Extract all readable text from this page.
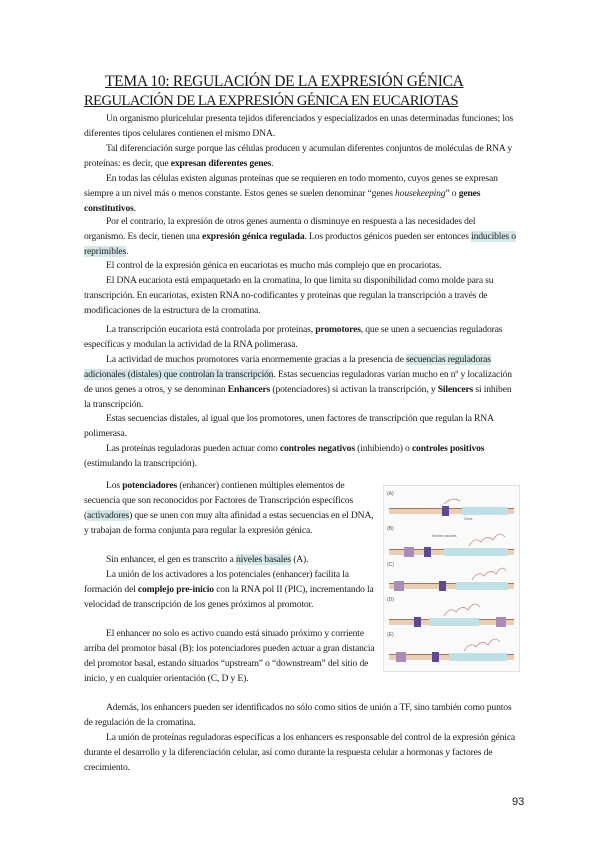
TEMA 10: REGULACIÓN DE LA EXPRESIÓN GÉNICA
REGULACIÓN DE LA EXPRESIÓN GÉNICA EN EUCARIOTAS

Un organismo pluricelular presenta tejidos diferenciados y especializados en unas determinadas funciones; los diferentes tipos celulares contienen el mismo DNA.

Tal diferenciación surge porque las células producen y acumulan diferentes conjuntos de moléculas de RNA y proteínas: es decir, que expresan diferentes genes.

En todas las células existen algunas proteínas que se requieren en todo momento, cuyos genes se expresan siempre a un nivel más o menos constante. Estos genes se suelen denominar “genes housekeeping” o genes constitutivos.

Por el contrario, la expresión de otros genes aumenta o disminuye en respuesta a las necesidades del organismo. Es decir, tienen una expresión génica regulada. Los productos génicos pueden ser entonces inducibles o reprimibles.

El control de la expresión génica en eucariotas es mucho más complejo que en procariotas.

El DNA eucariota está empaquetado en la cromatina, lo que limita su disponibilidad como molde para su transcripción. En eucariotas, existen RNA no-codificantes y proteínas que regulan la transcripción a través de modificaciones de la estructura de la cromatina.

La transcripción eucariota está controlada por proteínas, promotores, que se unen a secuencias reguladoras específicas y modulan la actividad de la RNA polimerasa.

La actividad de muchos promotores varía enormemente gracias a la presencia de secuencias reguladoras adicionales (distales) que controlan la transcripción. Estas secuencias reguladoras varían mucho en nº y localización de unos genes a otros, y se denominan Enhancers (potenciadores) si activan la transcripción, y Silencers si inhiben la transcripción.

Estas secuencias distales, al igual que los promotores, unen factores de transcripción que regulan la RNA polimerasa.

Las proteínas reguladoras pueden actuar como controles negativos (inhibiendo) o controles positivos (estimulando la transcripción).

Los potenciadores (enhancer) contienen múltiples elementos de secuencia que son reconocidos por Factores de Transcripción específicos (activadores) que se unen con muy alta afinidad a estas secuencias en el DNA, y trabajan de forma conjunta para regular la expresión génica.

Sin enhancer, el gen es transcrito a niveles basales (A).

La unión de los activadores a los potenciales (enhancer) facilita la formación del complejo pre-inicio con la RNA pol II (PIC), incrementando la velocidad de transcripción de los genes próximos al promotor.

El enhancer no solo es activo cuando está situado próximo y corriente arriba del promotor basal (B): los potenciadores pueden actuar a gran distancia del promotor basal, estando situados “upstream” o “downstream” del sitio de inicio, y en cualquier orientación (C, D y E).

Además, los enhancers pueden ser identificados no sólo como sitios de unión a TF, sino también como puntos de regulación de la cromatina.

La unión de proteínas reguladoras específicas a los enhancers es responsable del control de la expresión génica durante el desarrollo y la diferenciación celular, así como durante la respuesta celular a hormonas y factores de crecimiento.

(A)
Gene
(B)
Niveles basales
(C)
(D)
(E)
93
